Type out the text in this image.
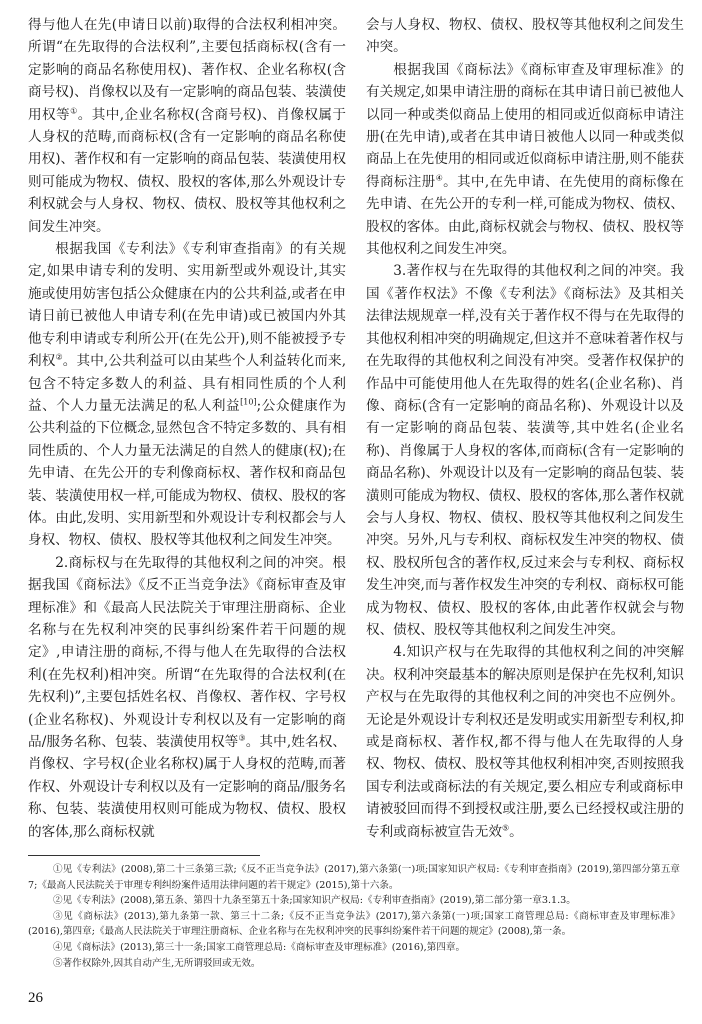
得与他人在先(申请日以前)取得的合法权利相冲突。所谓“在先取得的合法权利”,主要包括商标权(含有一定影响的商品名称使用权)、著作权、企业名称权(含商号权)、肖像权以及有一定影响的商品包装、装潢使用权等①。其中,企业名称权(含商号权)、肖像权属于人身权的范畴,而商标权(含有一定影响的商品名称使用权)、著作权和有一定影响的商品包装、装潢使用权则可能成为物权、债权、股权的客体,那么外观设计专利权就会与人身权、物权、债权、股权等其他权利之间发生冲突。

根据我国《专利法》《专利审查指南》的有关规定,如果申请专利的发明、实用新型或外观设计,其实施或使用妨害包括公众健康在内的公共利益,或者在申请日前已被他人申请专利(在先申请)或已被国内外其他专利申请或专利所公开(在先公开),则不能被授予专利权②。其中,公共利益可以由某些个人利益转化而来,包含不特定多数人的利益、具有相同性质的个人利益、个人力量无法满足的私人利益[10];公众健康作为公共利益的下位概念,显然包含不特定多数的、具有相同性质的、个人力量无法满足的自然人的健康(权);在先申请、在先公开的专利像商标权、著作权和商品包装、装潢使用权一样,可能成为物权、债权、股权的客体。由此,发明、实用新型和外观设计专利权都会与人身权、物权、债权、股权等其他权利之间发生冲突。

2.商标权与在先取得的其他权利之间的冲突。根据我国《商标法》《反不正当竞争法》《商标审查及审理标准》和《最高人民法院关于审理注册商标、企业名称与在先权利冲突的民事纠纷案件若干问题的规定》,申请注册的商标,不得与他人在先取得的合法权利(在先权利)相冲突。所谓“在先取得的合法权利(在先权利)”,主要包括姓名权、肖像权、著作权、字号权(企业名称权)、外观设计专利权以及有一定影响的商品/服务名称、包装、装潢使用权等③。其中,姓名权、肖像权、字号权(企业名称权)属于人身权的范畴,而著作权、外观设计专利权以及有一定影响的商品/服务名称、包装、装潢使用权则可能成为物权、债权、股权的客体,那么商标权就

会与人身权、物权、债权、股权等其他权利之间发生冲突。

根据我国《商标法》《商标审查及审理标准》的有关规定,如果申请注册的商标在其申请日前已被他人以同一种或类似商品上使用的相同或近似商标申请注册(在先申请),或者在其申请日被他人以同一种或类似商品上在先使用的相同或近似商标申请注册,则不能获得商标注册④。其中,在先申请、在先使用的商标像在先申请、在先公开的专利一样,可能成为物权、债权、股权的客体。由此,商标权就会与物权、债权、股权等其他权利之间发生冲突。

3.著作权与在先取得的其他权利之间的冲突。我国《著作权法》不像《专利法》《商标法》及其相关法律法规规章一样,没有关于著作权不得与在先取得的其他权利相冲突的明确规定,但这并不意味着著作权与在先取得的其他权利之间没有冲突。受著作权保护的作品中可能使用他人在先取得的姓名(企业名称)、肖像、商标(含有一定影响的商品名称)、外观设计以及有一定影响的商品包装、装潢等,其中姓名(企业名称)、肖像属于人身权的客体,而商标(含有一定影响的商品名称)、外观设计以及有一定影响的商品包装、装潢则可能成为物权、债权、股权的客体,那么著作权就会与人身权、物权、债权、股权等其他权利之间发生冲突。另外,凡与专利权、商标权发生冲突的物权、债权、股权所包含的著作权,反过来会与专利权、商标权发生冲突,而与著作权发生冲突的专利权、商标权可能成为物权、债权、股权的客体,由此著作权就会与物权、债权、股权等其他权利之间发生冲突。

4.知识产权与在先取得的其他权利之间的冲突解决。权利冲突最基本的解决原则是保护在先权利,知识产权与在先取得的其他权利之间的冲突也不应例外。无论是外观设计专利权还是发明或实用新型专利权,抑或是商标权、著作权,都不得与他人在先取得的人身权、物权、债权、股权等其他权利相冲突,否则按照我国专利法或商标法的有关规定,要么相应专利或商标申请被驳回而得不到授权或注册,要么已经授权或注册的专利或商标被宣告无效⑤。

①见《专利法》(2008),第二十三条第三款;《反不正当竞争法》(2017),第六条第(一)项;国家知识产权局:《专利审查指南》(2019),第四部分第五章7;《最高人民法院关于审理专利纠纷案件适用法律问题的若干规定》(2015),第十六条。

②见《专利法》(2008),第五条、第四十九条至第五十条;国家知识产权局:《专利审查指南》(2019),第二部分第一章3.1.3。

③见《商标法》(2013),第九条第一款、第三十二条;《反不正当竞争法》(2017),第六条第(一)项;国家工商管理总局:《商标审查及审理标准》(2016),第四章;《最高人民法院关于审理注册商标、企业名称与在先权利冲突的民事纠纷案件若干问题的规定》(2008),第一条。

④见《商标法》(2013),第三十一条;国家工商管理总局:《商标审查及审理标准》(2016),第四章。

⑤著作权除外,因其自动产生,无所谓驳回或无效。

26
